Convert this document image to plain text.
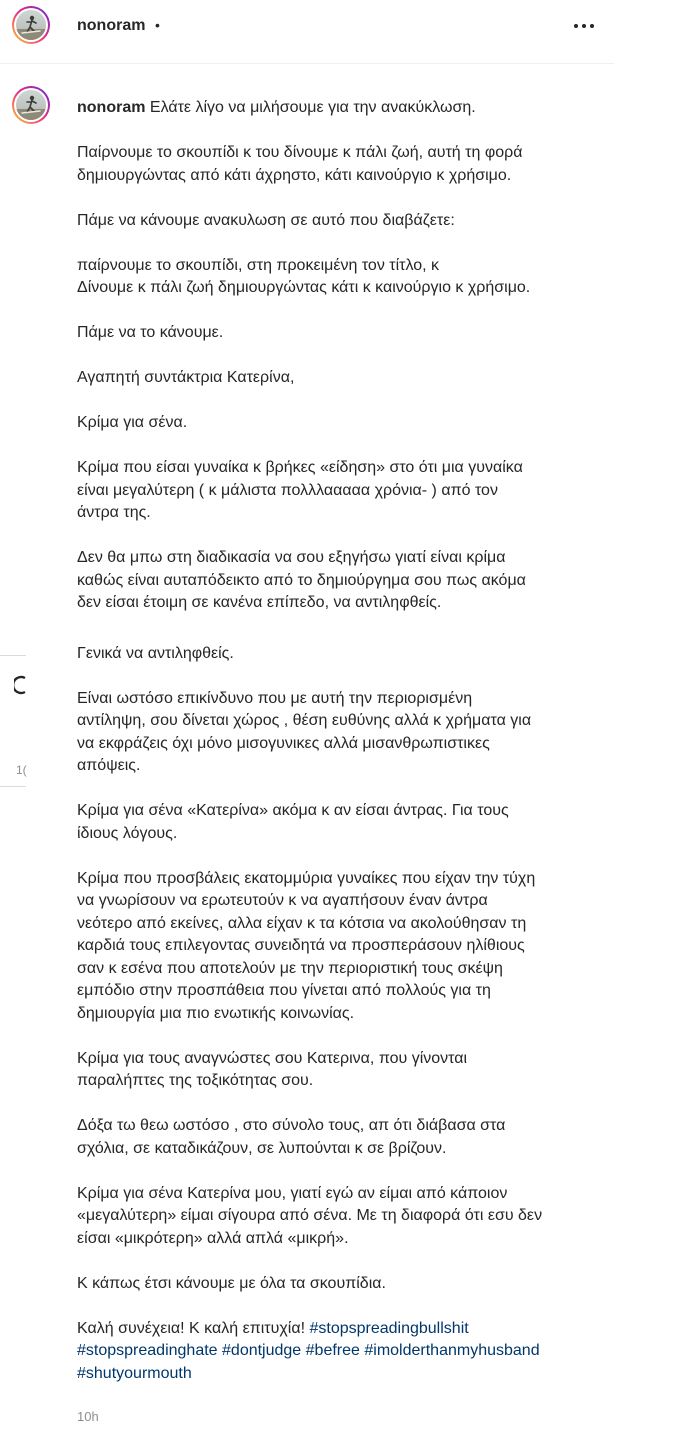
nonoram •
1(

nonoram Ελάτε λίγο να μιλήσουμε για την ανακύκλωση.

Παίρνουμε το σκουπίδι κ του δίνουμε κ πάλι ζωή, αυτή τη φορά
δημιουργώντας από κάτι άχρηστο, κάτι καινούργιο κ χρήσιμο.

Πάμε να κάνουμε ανακυλωση σε αυτό που διαβάζετε:

παίρνουμε το σκουπίδι, στη προκειμένη τον τίτλο, κ
Δίνουμε κ πάλι ζωή δημιουργώντας κάτι κ καινούργιο κ χρήσιμο.

Πάμε να το κάνουμε.

Αγαπητή συντάκτρια Κατερίνα,

Κρίμα για σένα.

Κρίμα που είσαι γυναίκα κ βρήκες «είδηση» στο ότι μια γυναίκα
είναι μεγαλύτερη ( κ μάλιστα πολλλααααα χρόνια- ) από τον
άντρα της.

Δεν θα μπω στη διαδικασία να σου εξηγήσω γιατί είναι κρίμα
καθώς είναι αυταπόδεικτο από το δημιούργημα σου πως ακόμα
δεν είσαι έτοιμη σε κανένα επίπεδο, να αντιληφθείς.

Γενικά να αντιληφθείς.

Είναι ωστόσο επικίνδυνο που με αυτή την περιορισμένη
αντίληψη, σου δίνεται χώρος , θέση ευθύνης αλλά κ χρήματα για
να εκφράζεις όχι μόνο μισογυνικες αλλά μισανθρωπιστικες
απόψεις.

Κρίμα για σένα «Κατερίνα» ακόμα κ αν είσαι άντρας. Για τους
ίδιους λόγους.

Κρίμα που προσβάλεις εκατομμύρια γυναίκες που είχαν την τύχη
να γνωρίσουν να ερωτευτούν κ να αγαπήσουν έναν άντρα
νεότερο από εκείνες, αλλα είχαν κ τα κότσια να ακολούθησαν τη
καρδιά τους επιλεγοντας συνειδητά να προσπεράσουν ηλίθιους
σαν κ εσένα που αποτελούν με την περιοριστική τους σκέψη
εμπόδιο στην προσπάθεια που γίνεται από πολλούς για τη
δημιουργία μια πιο ενωτικής κοινωνίας.

Κρίμα για τους αναγνώστες σου Κατερινα, που γίνονται
παραλήπτες της τοξικότητας σου.

Δόξα τω θεω ωστόσο , στο σύνολο τους, απ ότι διάβασα στα
σχόλια, σε καταδικάζουν, σε λυπούνται κ σε βρίζουν.

Κρίμα για σένα Κατερίνα μου, γιατί εγώ αν είμαι από κάποιον
«μεγαλύτερη» είμαι σίγουρα από σένα. Με τη διαφορά ότι εσυ δεν
είσαι «μικρότερη» αλλά απλά «μικρή».

Κ κάπως έτσι κάνουμε με όλα τα σκουπίδια.

Καλή συνέχεια! Κ καλή επιτυχία! #stopspreadingbullshit
#stopspreadinghate #dontjudge #befree #imolderthanmyhusband
#shutyourmouth

10h
